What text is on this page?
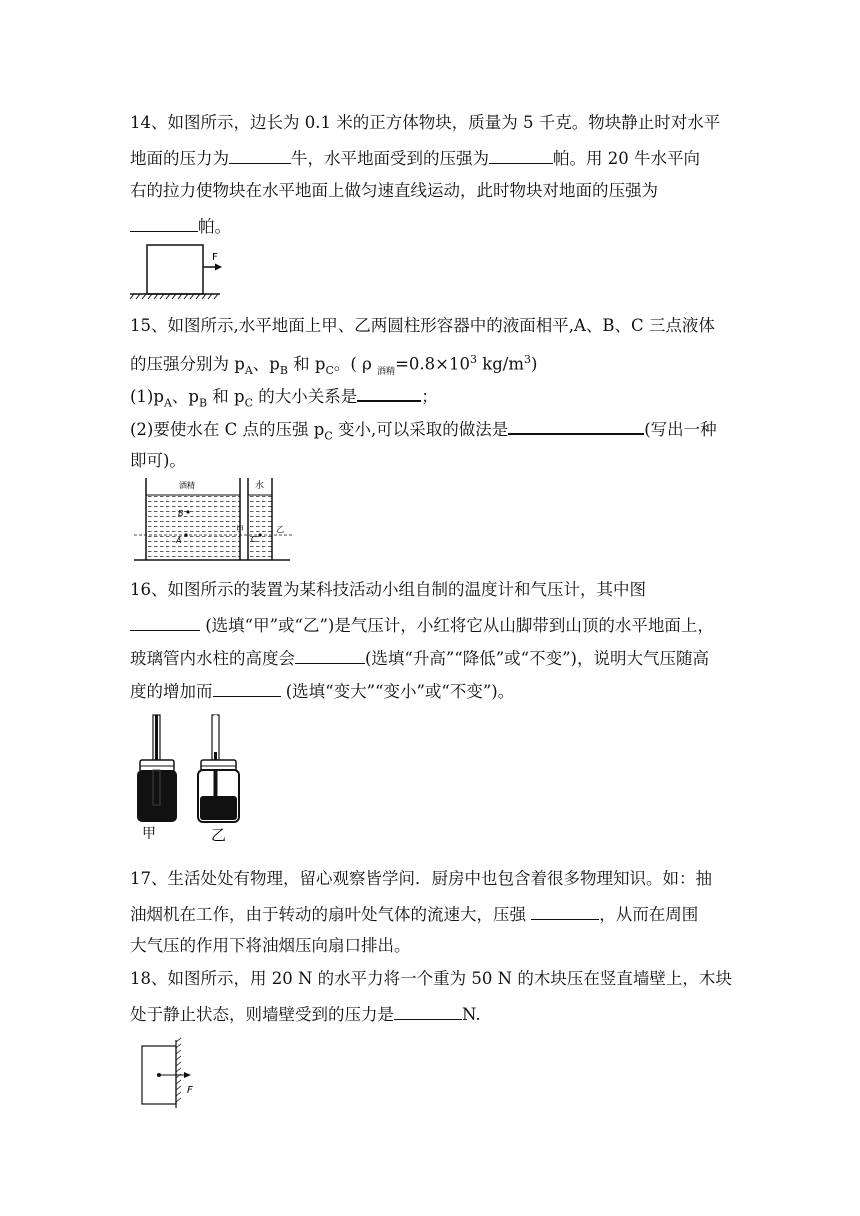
14、如图所示，边长为 0.1 米的正方体物块，质量为 5 千克。物块静止时对水平
地面的压力为	牛，水平地面受到的压强为	帕。用 20 牛水平向
右的拉力使物块在水平地面上做匀速直线运动，此时物块对地面的压强为
帕。
F
15、如图所示,水平地面上甲、乙两圆柱形容器中的液面相平,A、B、C 三点液体
的压强分别为 $p_A$、$p_B$ 和 $p_C$。( ρ $_{酒精}=0.8\times 10^3$ $kg/m^3$)
$(1)p_A$、$p_B$ 和 $p_C$ 的大小关系是	；
(2)要使水在 C 点的压强 $p_C$ 变小,可以采取的做法是	(写出一种
即可)。
酒精	水
B
A	C
甲	乙
16、如图所示的装置为某科技活动小组自制的温度计和气压计，其中图
(选填“甲”或“乙”)是气压计，小红将它从山脚带到山顶的水平地面上，
玻璃管内水柱的高度会	(选填“升高”“降低”或“不变”)，说明大气压随高
度的增加而	(选填“变大”“变小”或“不变”)。
甲	乙
17、生活处处有物理，留心观察皆学问．厨房中也包含着很多物理知识。如：抽
油烟机在工作，由于转动的扇叶处气体的流速大，压强	，从而在周围
大气压的作用下将油烟压向扇口排出。
18、如图所示，用 20 N 的水平力将一个重为 50 N 的木块压在竖直墙壁上，木块
处于静止状态，则墙壁受到的压力是	N.
F
